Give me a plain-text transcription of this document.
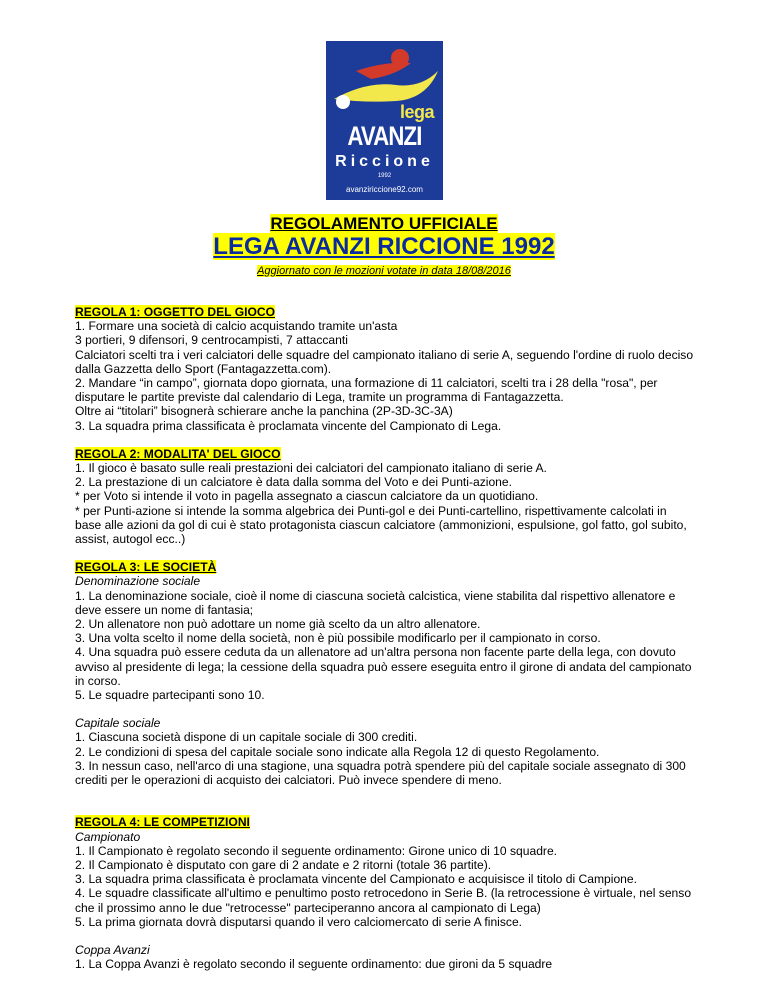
lega
AVANZI
Riccione
1992
avanziriccione92.com
REGOLAMENTO UFFICIALE
LEGA AVANZI RICCIONE 1992
Aggiornato con le mozioni votate in data 18/08/2016
REGOLA 1: OGGETTO DEL GIOCO
1. Formare una società di calcio acquistando tramite un'asta
3 portieri, 9 difensori, 9 centrocampisti, 7 attaccanti
Calciatori scelti tra i veri calciatori delle squadre del campionato italiano di serie A, seguendo l'ordine di ruolo deciso dalla Gazzetta dello Sport (Fantagazzetta.com).
2. Mandare “in campo”, giornata dopo giornata, una formazione di 11 calciatori, scelti tra i 28 della "rosa", per disputare le partite previste dal calendario di Lega, tramite un programma di Fantagazzetta.
Oltre ai “titolari” bisognerà schierare anche la panchina (2P-3D-3C-3A)
3. La squadra prima classificata è proclamata vincente del Campionato di Lega.
REGOLA 2: MODALITA' DEL GIOCO
1. Il gioco è basato sulle reali prestazioni dei calciatori del campionato italiano di serie A.
2. La prestazione di un calciatore è data dalla somma del Voto e dei Punti-azione.
* per Voto si intende il voto in pagella assegnato a ciascun calciatore da un quotidiano.
* per Punti-azione si intende la somma algebrica dei Punti-gol e dei Punti-cartellino, rispettivamente calcolati in base alle azioni da gol di cui è stato protagonista ciascun calciatore (ammonizioni, espulsione, gol fatto, gol subito, assist, autogol ecc..)
REGOLA 3: LE SOCIETÀ
Denominazione sociale
1. La denominazione sociale, cioè il nome di ciascuna società calcistica, viene stabilita dal rispettivo allenatore e deve essere un nome di fantasia;
2. Un allenatore non può adottare un nome già scelto da un altro allenatore.
3. Una volta scelto il nome della società, non è più possibile modificarlo per il campionato in corso.
4. Una squadra può essere ceduta da un allenatore ad un'altra persona non facente parte della lega, con dovuto avviso al presidente di lega; la cessione della squadra può essere eseguita entro il girone di andata del campionato in corso.
5. Le squadre partecipanti sono 10.
Capitale sociale
1. Ciascuna società dispone di un capitale sociale di 300 crediti.
2. Le condizioni di spesa del capitale sociale sono indicate alla Regola 12 di questo Regolamento.
3. In nessun caso, nell'arco di una stagione, una squadra potrà spendere più del capitale sociale assegnato di 300 crediti per le operazioni di acquisto dei calciatori. Può invece spendere di meno.
REGOLA 4: LE COMPETIZIONI
Campionato
1. Il Campionato è regolato secondo il seguente ordinamento: Girone unico di 10 squadre.
2. Il Campionato è disputato con gare di 2 andate e 2 ritorni (totale 36 partite).
3. La squadra prima classificata è proclamata vincente del Campionato e acquisisce il titolo di Campione.
4. Le squadre classificate all'ultimo e penultimo posto retrocedono in Serie B. (la retrocessione è virtuale, nel senso che il prossimo anno le due "retrocesse" parteciperanno ancora al campionato di Lega)
5. La prima giornata dovrà disputarsi quando il vero calciomercato di serie A finisce.
Coppa Avanzi
1. La Coppa Avanzi è regolato secondo il seguente ordinamento: due gironi da 5 squadre
